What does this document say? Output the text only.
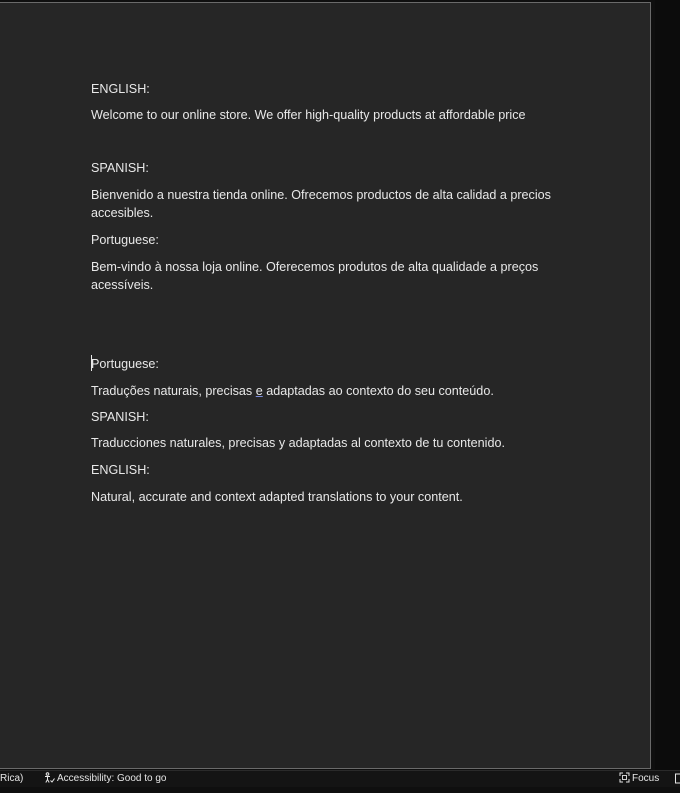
ENGLISH:

Welcome to our online store. We offer high-quality products at affordable price

SPANISH:

Bienvenido a nuestra tienda online. Ofrecemos productos de alta calidad a precios accesibles.

Portuguese:

Bem-vindo à nossa loja online. Oferecemos produtos de alta qualidade a preços acessíveis.

Portuguese:

Traduções naturais, precisas e adaptadas ao contexto do seu conteúdo.

SPANISH:

Traducciones naturales, precisas y adaptadas al contexto de tu contenido.

ENGLISH:

Natural, accurate and context adapted translations to your content.

Rica)	Accessibility: Good to go	Focus
